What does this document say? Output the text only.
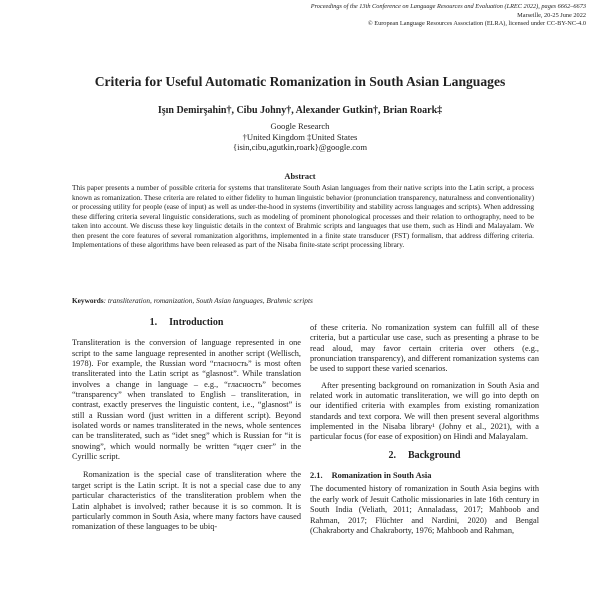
Proceedings of the 13th Conference on Language Resources and Evaluation (LREC 2022), pages 6662–6673
Marseille, 20-25 June 2022
© European Language Resources Association (ELRA), licensed under CC-BY-NC-4.0
Criteria for Useful Automatic Romanization in South Asian Languages
Işın Demirşahin†, Cibu Johny†, Alexander Gutkin†, Brian Roark‡
Google Research
†United Kingdom ‡United States
{isin,cibu,agutkin,roark}@google.com
Abstract
This paper presents a number of possible criteria for systems that transliterate South Asian languages from their native scripts into the Latin script, a process known as romanization. These criteria are related to either fidelity to human linguistic behavior (pronunciation transparency, naturalness and conventionality) or processing utility for people (ease of input) as well as under-the-hood in systems (invertibility and stability across languages and scripts). When addressing these differing criteria several linguistic considerations, such as modeling of prominent phonological processes and their relation to orthography, need to be taken into account. We discuss these key linguistic details in the context of Brahmic scripts and languages that use them, such as Hindi and Malayalam. We then present the core features of several romanization algorithms, implemented in a finite state transducer (FST) formalism, that address differing criteria. Implementations of these algorithms have been released as part of the Nisaba finite-state script processing library.
Keywords: transliteration, romanization, South Asian languages, Brahmic scripts
1. Introduction

Transliteration is the conversion of language represented in one script to the same language represented in another script (Wellisch, 1978). For example, the Russian word “гласность” is most often transliterated into the Latin script as “glasnost”. While translation involves a change in language – e.g., “гласность” becomes “transparency” when translated to English – transliteration, in contrast, exactly preserves the linguistic content, i.e., “glasnost” is still a Russian word (just written in a different script). Beyond isolated words or names transliterated in the news, whole sentences can be transliterated, such as “idet sneg” which is Russian for “it is snowing”, which would normally be written “идет снег” in the Cyrillic script.

Romanization is the special case of transliteration where the target script is the Latin script. It is not a special case due to any particular characteristics of the transliteration problem when the Latin alphabet is involved; rather because it is so common. It is particularly common in South Asia, where many factors have caused romanization of these languages to be ubiq-

of these criteria. No romanization system can fulfill all of these criteria, but a particular use case, such as presenting a phrase to be read aloud, may favor certain criteria over others (e.g., pronunciation transparency), and different romanization systems can be used to support these varied scenarios.

After presenting background on romanization in South Asia and related work in automatic transliteration, we will go into depth on our identified criteria with examples from existing romanization standards and text corpora. We will then present several algorithms implemented in the Nisaba library¹ (Johny et al., 2021), with a particular focus (for ease of exposition) on Hindi and Malayalam.

2. Background
2.1. Romanization in South Asia

The documented history of romanization in South Asia begins with the early work of Jesuit Catholic missionaries in late 16th century in South India (Veliath, 2011; Annaladass, 2017; Mahboob and Rahman, 2017; Flüchter and Nardini, 2020) and Bengal (Chakraborty and Chakraborty, 1976; Mahboob and Rahman,
